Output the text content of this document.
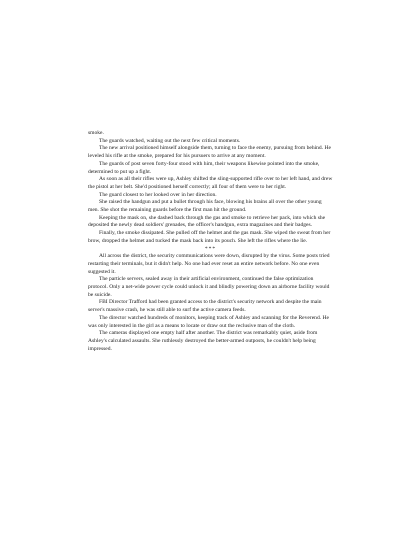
smoke.

The guards watched, waiting out the next few critical moments.

The new arrival positioned himself alongside them, turning to face the enemy, pursuing from behind. He leveled his rifle at the smoke, prepared for his pursuers to arrive at any moment.

The guards of post seven forty-four stood with him, their weapons likewise pointed into the smoke, determined to put up a fight.

As soon as all their rifles were up, Ashley shifted the sling-supported rifle over to her left hand, and drew the pistol at her belt. She'd positioned herself correctly; all four of them were to her right.

The guard closest to her looked over in her direction.

She raised the handgun and put a bullet through his face, blowing his brains all over the other young men. She shot the remaining guards before the first man hit the ground.

Keeping the mask on, she dashed back through the gas and smoke to retrieve her pack, into which she deposited the newly dead soldiers' grenades, the officer's handgun, extra magazines and their badges.

Finally, the smoke dissipated. She pulled off the helmet and the gas mask. She wiped the sweat from her brow, dropped the helmet and tucked the mask back into its pouch. She left the rifles where the lie.

***

All across the district, the security communications were down, disrupted by the virus. Some posts tried restarting their terminals, but it didn't help. No one had ever reset an entire network before. No one even suggested it.

The particle servers, sealed away in their artificial environment, continued the false optimization protocol. Only a net-wide power cycle could unlock it and blindly powering down an airborne facility would be suicide.

FBI Director Trafford had been granted access to the district's security network and despite the main server's massive crash, he was still able to surf the active camera feeds.

The director watched hundreds of monitors, keeping track of Ashley and scanning for the Reverend. He was only interested in the girl as a means to locate or draw out the reclusive man of the cloth.

The cameras displayed one empty half after another. The district was remarkably quiet, aside from Ashley's calculated assaults. She ruthlessly destroyed the better-armed outposts, he couldn't help being impressed.
